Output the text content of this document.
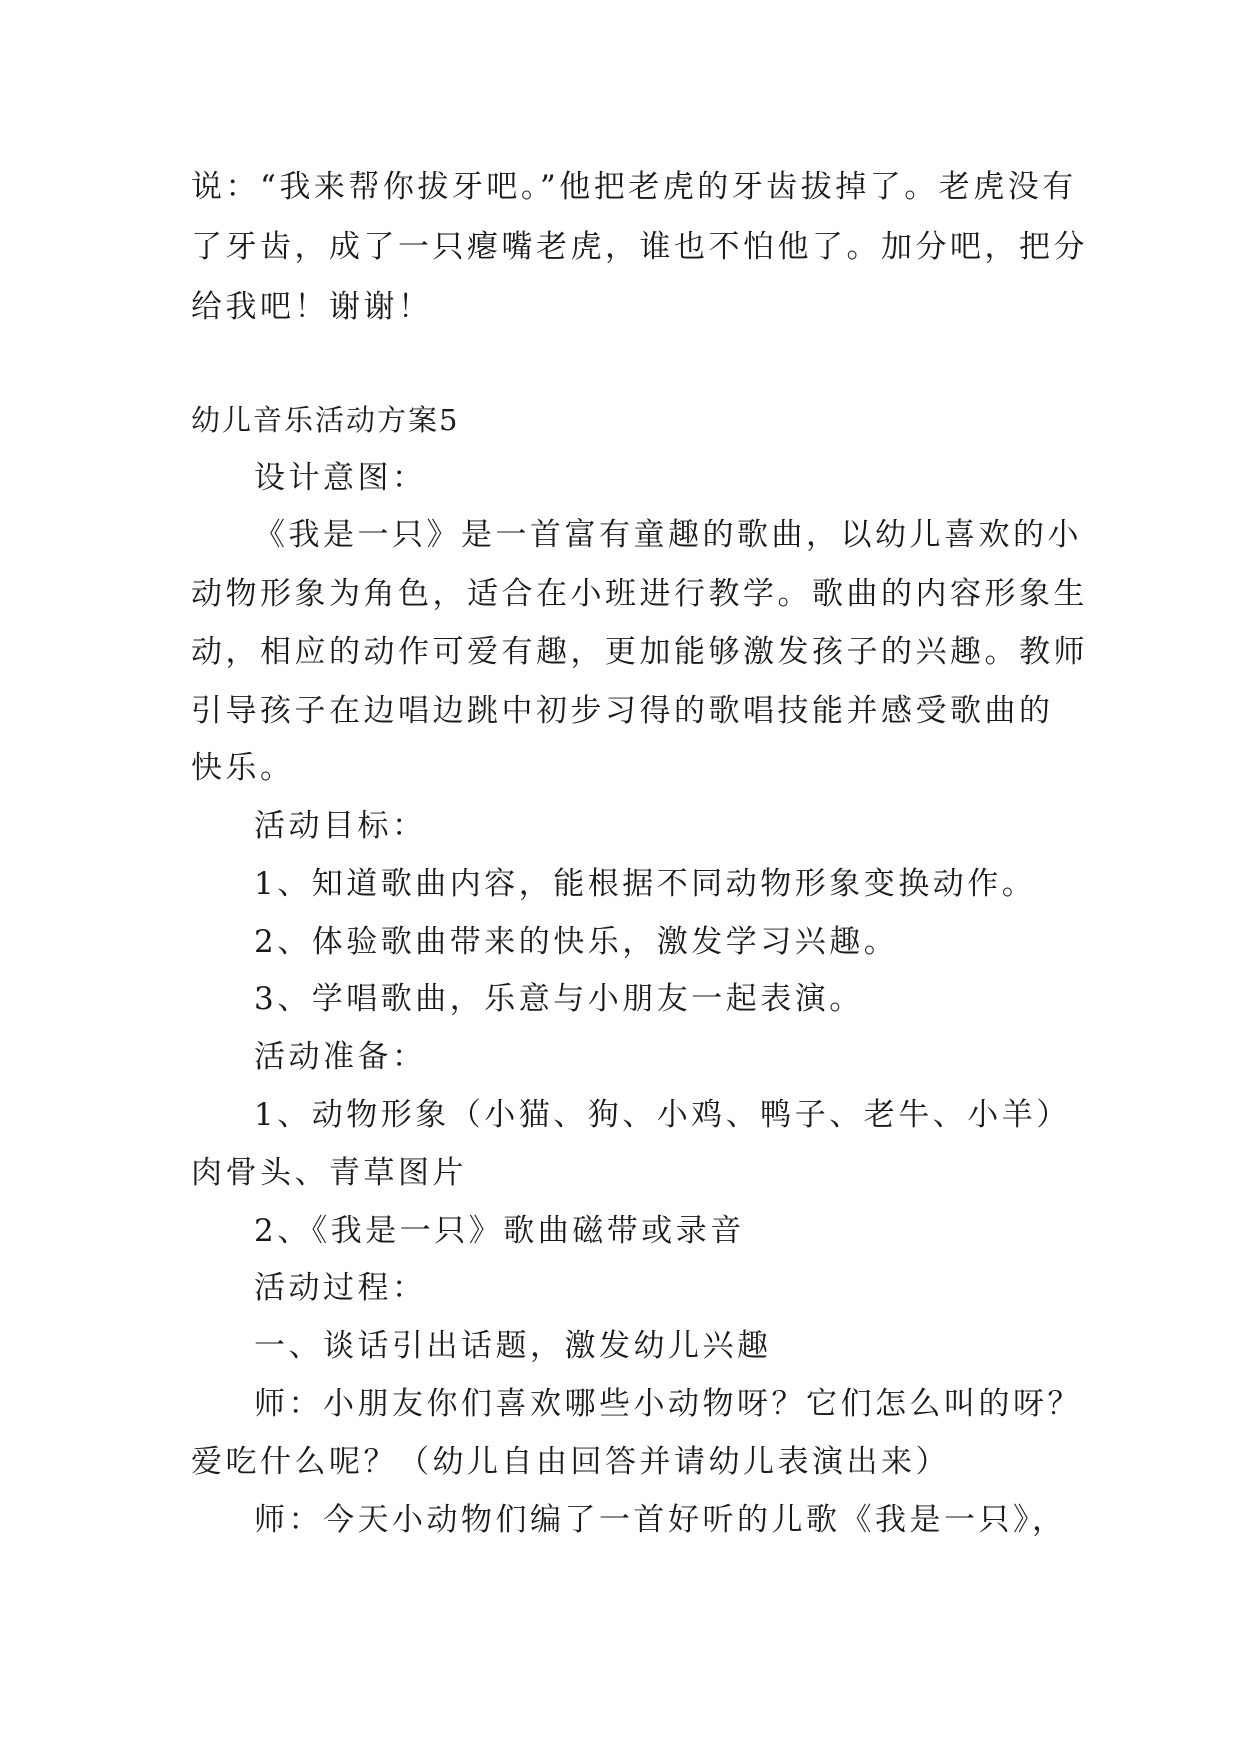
说：“我来帮你拔牙吧。”他把老虎的牙齿拔掉了。老虎没有
了牙齿，成了一只瘪嘴老虎，谁也不怕他了。加分吧，把分
给我吧！谢谢！
幼儿音乐活动方案5
设计意图：
《我是一只》是一首富有童趣的歌曲，以幼儿喜欢的小
动物形象为角色，适合在小班进行教学。歌曲的内容形象生
动，相应的动作可爱有趣，更加能够激发孩子的兴趣。教师
引导孩子在边唱边跳中初步习得的歌唱技能并感受歌曲的
快乐。
活动目标：
1、知道歌曲内容，能根据不同动物形象变换动作。
2、体验歌曲带来的快乐，激发学习兴趣。
3、学唱歌曲，乐意与小朋友一起表演。
活动准备：
1、动物形象（小猫、狗、小鸡、鸭子、老牛、小羊）
肉骨头、青草图片
2、《我是一只》歌曲磁带或录音
活动过程：
一、谈话引出话题，激发幼儿兴趣
师：小朋友你们喜欢哪些小动物呀？它们怎么叫的呀？
爱吃什么呢？（幼儿自由回答并请幼儿表演出来）
师：今天小动物们编了一首好听的儿歌《我是一只》，
